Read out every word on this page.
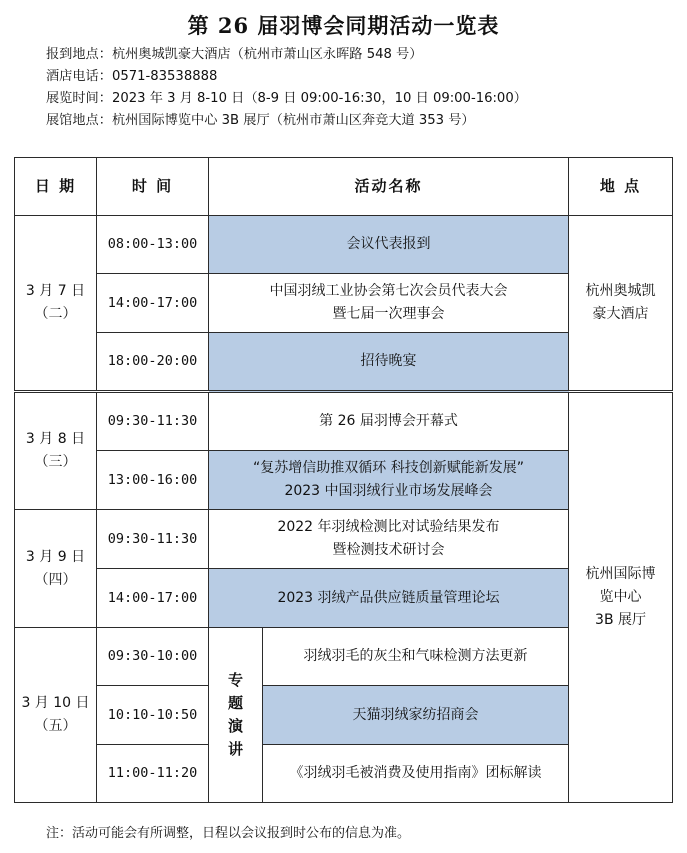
第 26 届羽博会同期活动一览表
报到地点：杭州奥城凯豪大酒店（杭州市萧山区永晖路 548 号）
酒店电话：0571-83538888
展览时间：2023 年 3 月 8-10 日（8-9 日 09:00-16:30，10 日 09:00-16:00）
展馆地点：杭州国际博览中心 3B 展厅（杭州市萧山区奔竞大道 353 号）
日 期	时 间	活动名称		地 点

3 月 7 日
（二）	08:00-13:00	会议代表报到		杭州奥城凯
豪大酒店

	14:00-17:00	中国羽绒工业协会第七次会员代表大会
暨七届一次理事会		

	18:00-20:00	招待晚宴		

3 月 8 日
（三）	09:30-11:30	第 26 届羽博会开幕式		杭州国际博
览中心
3B 展厅

	13:00-16:00	“复苏增信助推双循环 科技创新赋能新发展”
2023 中国羽绒行业市场发展峰会		

3 月 9 日
（四）	09:30-11:30	2022 年羽绒检测比对试验结果发布
暨检测技术研讨会		

	14:00-17:00	2023 羽绒产品供应链质量管理论坛		

3 月 10 日
（五）	09:30-10:00	专
题
演
讲	羽绒羽毛的灰尘和气味检测方法更新	

	10:10-10:50		天猫羽绒家纺招商会	

	11:00-11:20		《羽绒羽毛被消费及使用指南》团标解读	
注：活动可能会有所调整，日程以会议报到时公布的信息为准。
